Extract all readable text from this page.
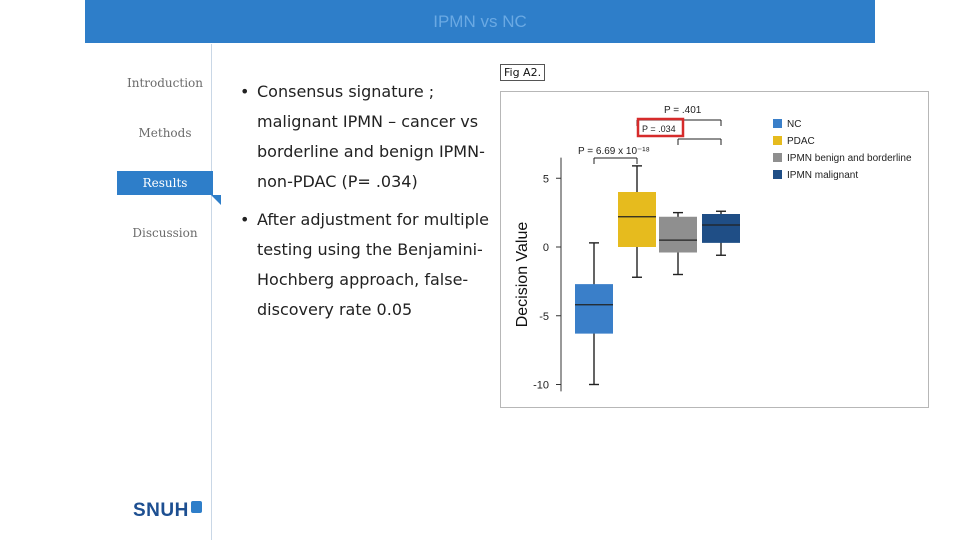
IPMN vs NC
Introduction
Methods
Results
Discussion
• Consensus signature ; malignant IPMN – cancer vs borderline and benign IPMN-non-PDAC (P= .034)
• After adjustment for multiple testing using the Benjamini-Hochberg approach, false-discovery rate 0.05
Fig A2.
5
0
-5
-10
Decision Value
P = .401
P = .034
P = 6.69 x 10⁻¹⁸
NC
PDAC
IPMN benign and borderline
IPMN malignant
SNUH
